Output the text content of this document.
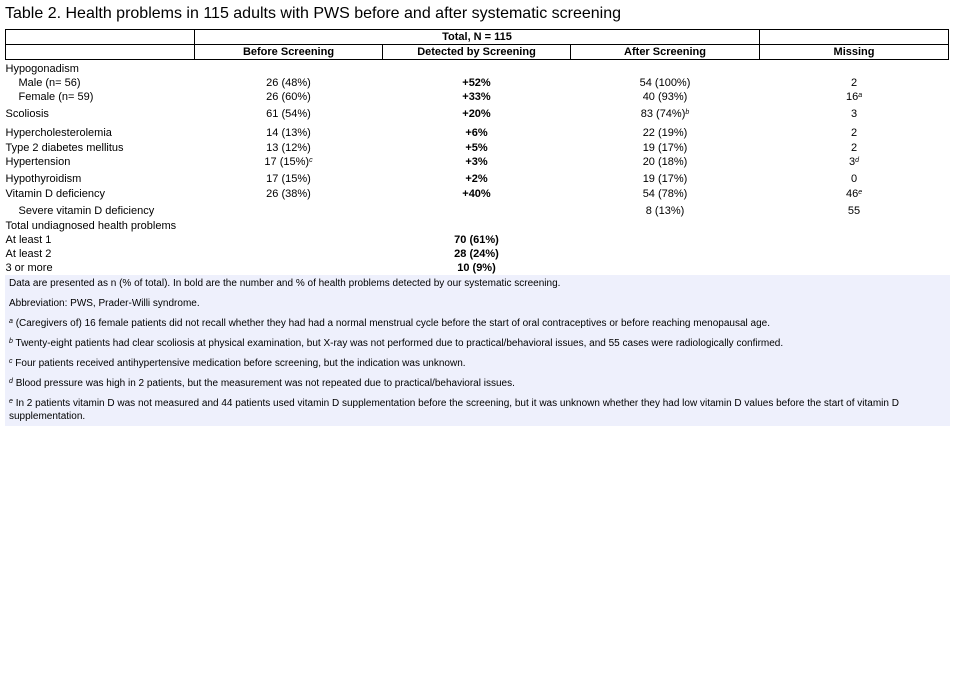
Table 2. Health problems in 115 adults with PWS before and after systematic screening
	Total, N = 115			
	Before Screening	Detected by Screening	After Screening	Missing
Hypogonadism				
Male (n= 56)	26 (48%)	+52%	54 (100%)	2
Female (n= 59)	26 (60%)	+33%	40 (93%)	16$^a$
Scoliosis	61 (54%)	+20%	83 $(74\%)^b$	3
Hypercholesterolemia	14 (13%)	+6%	22 (19%)	2
Type 2 diabetes mellitus	13 (12%)	+5%	19 (17%)	2
Hypertension	17 $(15\%)^c$	+3%	20 (18%)	3$^d$
Hypothyroidism	17 (15%)	+2%	19 (17%)	0
Vitamin D deficiency	26 (38%)	+40%	54 (78%)	46e
Severe vitamin D deficiency			8 (13%)	55
Total undiagnosed health problems				
At least 1		70 (61%)		
At least 2		28 (24%)		
3 or more		10 (9%)		

Data are presented as n (% of total). In bold are the number and % of health problems detected by our systematic screening.

Abbreviation: PWS, Prader-Willi syndrome.

$^a$ (Caregivers of) 16 female patients did not recall whether they had had a normal menstrual cycle before the start of oral contraceptives or before reaching menopausal age.

$^b$ Twenty-eight patients had clear scoliosis at physical examination, but X-ray was not performed due to practical/behavioral issues, and 55 cases were radiologically confirmed.

$^c$ Four patients received antihypertensive medication before screening, but the indication was unknown.

$^d$ Blood pressure was high in 2 patients, but the measurement was not repeated due to practical/behavioral issues.

$^e$ In 2 patients vitamin D was not measured and 44 patients used vitamin D supplementation before the screening, but it was unknown whether they had low vitamin D values before the start of vitamin D supplementation.
